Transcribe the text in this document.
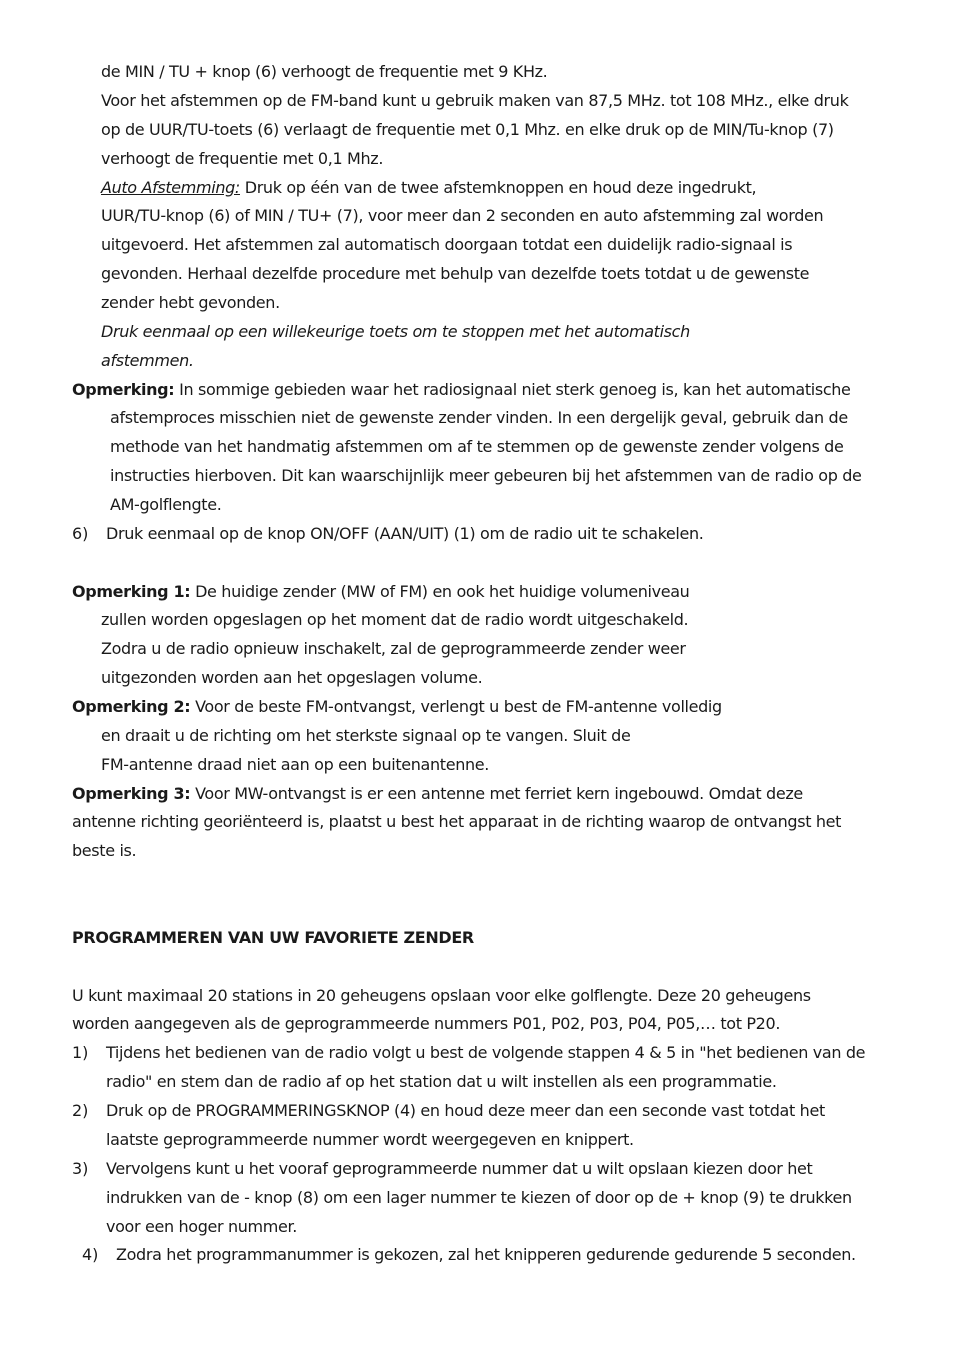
de MIN / TU + knop (6) verhoogt de frequentie met 9 KHz.
Voor het afstemmen op de FM-band kunt u gebruik maken van 87,5 MHz. tot 108 MHz., elke druk
op de UUR/TU-toets (6) verlaagt de frequentie met 0,1 Mhz. en elke druk op de MIN/Tu-knop (7)
verhoogt de frequentie met 0,1 Mhz.
Auto Afstemming: Druk op één van de twee afstemknoppen en houd deze ingedrukt,
UUR/TU-knop (6) of MIN / TU+ (7), voor meer dan 2 seconden en auto afstemming zal worden
uitgevoerd. Het afstemmen zal automatisch doorgaan totdat een duidelijk radio-signaal is
gevonden. Herhaal dezelfde procedure met behulp van dezelfde toets totdat u de gewenste
zender hebt gevonden.
Druk eenmaal op een willekeurige toets om te stoppen met het automatisch
afstemmen.
Opmerking: In sommige gebieden waar het radiosignaal niet sterk genoeg is, kan het automatische
afstemproces misschien niet de gewenste zender vinden. In een dergelijk geval, gebruik dan de
methode van het handmatig afstemmen om af te stemmen op de gewenste zender volgens de
instructies hierboven. Dit kan waarschijnlijk meer gebeuren bij het afstemmen van de radio op de
AM-golflengte.
6) Druk eenmaal op de knop ON/OFF (AAN/UIT) (1) om de radio uit te schakelen.
Opmerking 1: De huidige zender (MW of FM) en ook het huidige volumeniveau
zullen worden opgeslagen op het moment dat de radio wordt uitgeschakeld.
Zodra u de radio opnieuw inschakelt, zal de geprogrammeerde zender weer
uitgezonden worden aan het opgeslagen volume.
Opmerking 2: Voor de beste FM-ontvangst, verlengt u best de FM-antenne volledig
en draait u de richting om het sterkste signaal op te vangen. Sluit de
FM-antenne draad niet aan op een buitenantenne.
Opmerking 3: Voor MW-ontvangst is er een antenne met ferriet kern ingebouwd. Omdat deze
antenne richting georiënteerd is, plaatst u best het apparaat in de richting waarop de ontvangst het
beste is.
PROGRAMMEREN VAN UW FAVORIETE ZENDER
U kunt maximaal 20 stations in 20 geheugens opslaan voor elke golflengte. Deze 20 geheugens
worden aangegeven als de geprogrammeerde nummers P01, P02, P03, P04, P05,… tot P20.
1) Tijdens het bedienen van de radio volgt u best de volgende stappen 4 & 5 in "het bedienen van de
radio" en stem dan de radio af op het station dat u wilt instellen als een programmatie.
2) Druk op de PROGRAMMERINGSKNOP (4) en houd deze meer dan een seconde vast totdat het
laatste geprogrammeerde nummer wordt weergegeven en knippert.
3) Vervolgens kunt u het vooraf geprogrammeerde nummer dat u wilt opslaan kiezen door het
indrukken van de - knop (8) om een lager nummer te kiezen of door op de + knop (9) te drukken
voor een hoger nummer.
4) Zodra het programmanummer is gekozen, zal het knipperen gedurende gedurende 5 seconden.
